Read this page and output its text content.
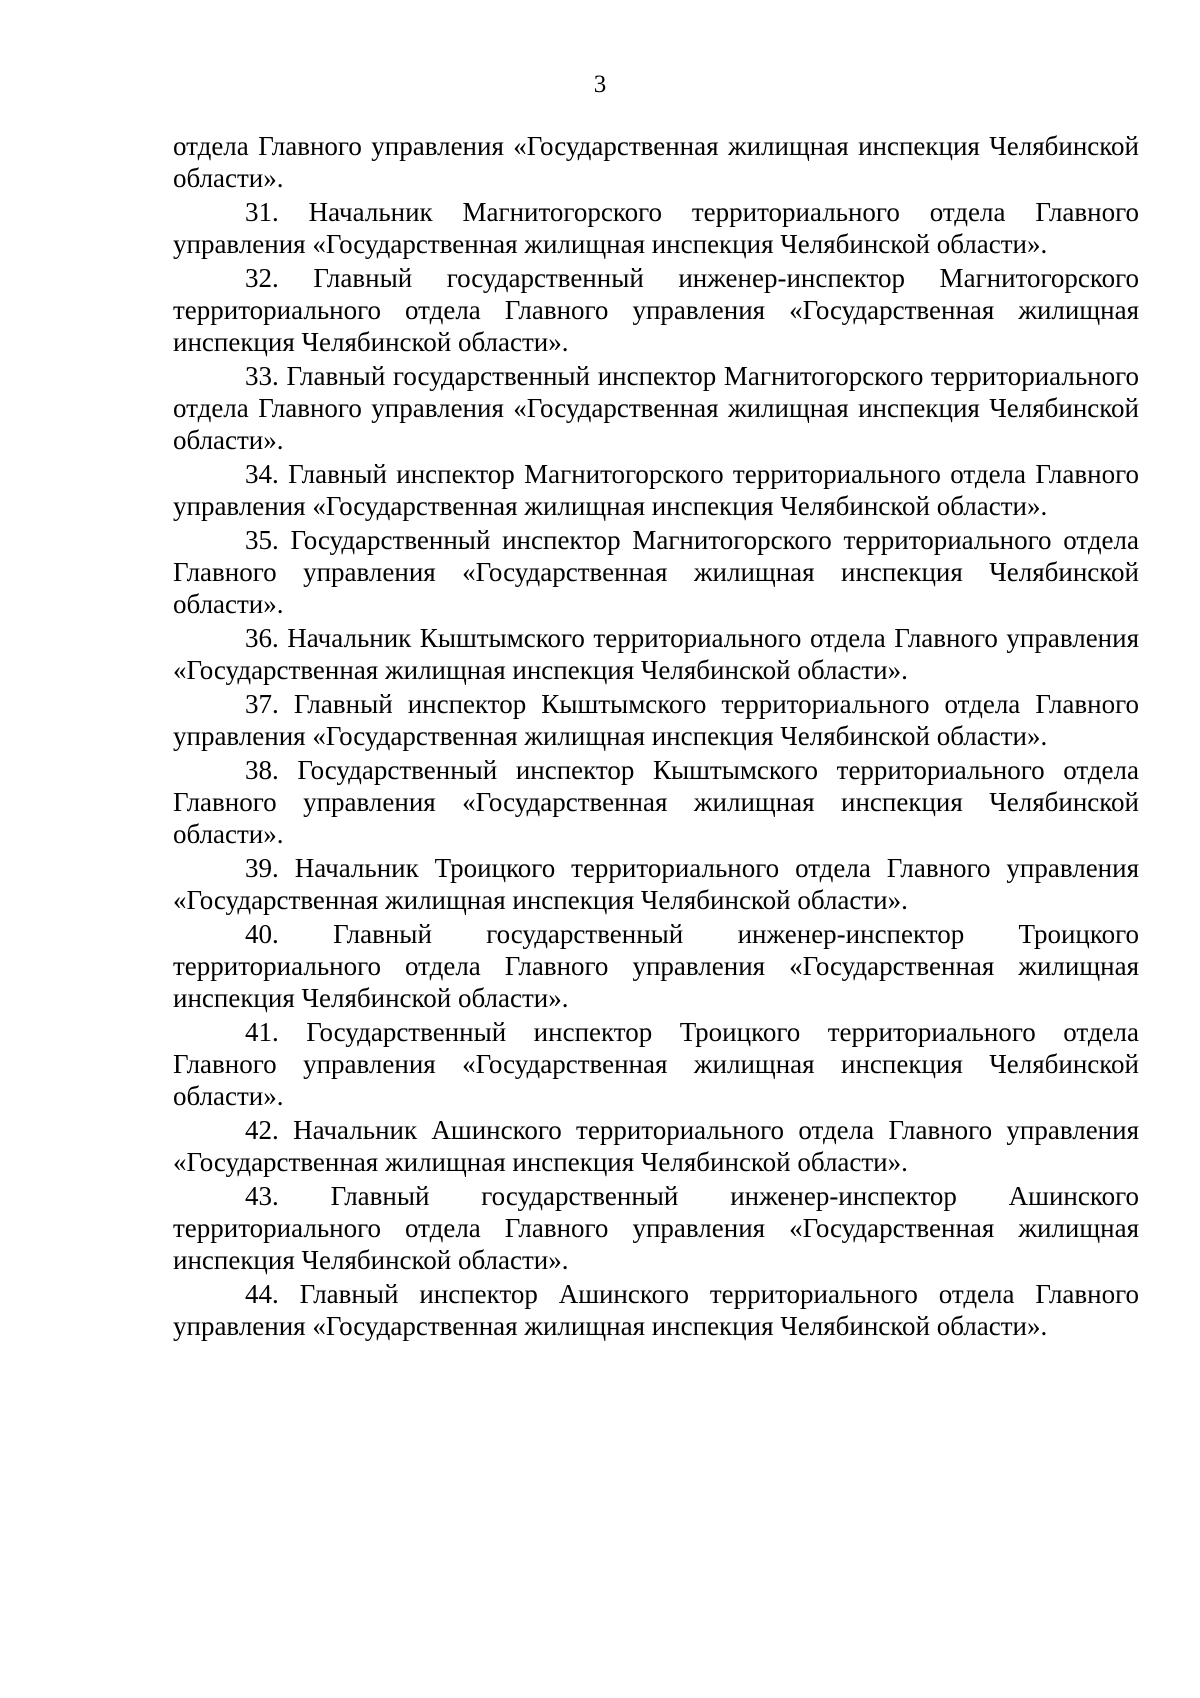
3

отдела Главного управления «Государственная жилищная инспекция Челябинской области».

31. Начальник Магнитогорского территориального отдела Главного управления «Государственная жилищная инспекция Челябинской области».

32. Главный государственный инженер-инспектор Магнитогорского территориального отдела Главного управления «Государственная жилищная инспекция Челябинской области».

33. Главный государственный инспектор Магнитогорского территориального отдела Главного управления «Государственная жилищная инспекция Челябинской области».

34. Главный инспектор Магнитогорского территориального отдела Главного управления «Государственная жилищная инспекция Челябинской области».

35. Государственный инспектор Магнитогорского территориального отдела Главного управления «Государственная жилищная инспекция Челябинской области».

36. Начальник Кыштымского территориального отдела Главного управления «Государственная жилищная инспекция Челябинской области».

37. Главный инспектор Кыштымского территориального отдела Главного управления «Государственная жилищная инспекция Челябинской области».

38. Государственный инспектор Кыштымского территориального отдела Главного управления «Государственная жилищная инспекция Челябинской области».

39. Начальник Троицкого территориального отдела Главного управления «Государственная жилищная инспекция Челябинской области».

40. Главный государственный инженер-инспектор Троицкого территориального отдела Главного управления «Государственная жилищная инспекция Челябинской области».

41. Государственный инспектор Троицкого территориального отдела Главного управления «Государственная жилищная инспекция Челябинской области».

42. Начальник Ашинского территориального отдела Главного управления «Государственная жилищная инспекция Челябинской области».

43. Главный государственный инженер-инспектор Ашинского территориального отдела Главного управления «Государственная жилищная инспекция Челябинской области».

44. Главный инспектор Ашинского территориального отдела Главного управления «Государственная жилищная инспекция Челябинской области».
